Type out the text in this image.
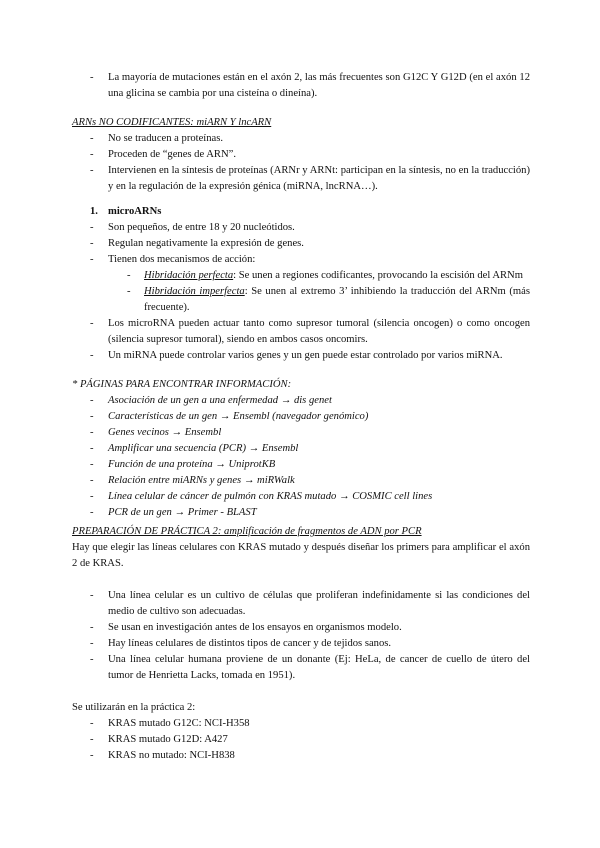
- La mayoría de mutaciones están en el axón 2, las más frecuentes son G12C Y G12D (en el axón 12 una glicina se cambia por una cisteína o dineína).
ARNs NO CODIFICANTES: miARN Y lncARN
- No se traducen a proteínas.
- Proceden de “genes de ARN”.
- Intervienen en la síntesis de proteínas (ARNr y ARNt: participan en la síntesis, no en la traducción) y en la regulación de la expresión génica (miRNA, lncRNA…).
1. microARNs
- Son pequeños, de entre 18 y 20 nucleótidos.
- Regulan negativamente la expresión de genes.
- Tienen dos mecanismos de acción:
- Hibridación perfecta: Se unen a regiones codificantes, provocando la escisión del ARNm
- Hibridación imperfecta: Se unen al extremo 3’ inhibiendo la traducción del ARNm (más frecuente).
- Los microRNA pueden actuar tanto como supresor tumoral (silencia oncogen) o como oncogen (silencia supresor tumoral), siendo en ambos casos oncomirs.
- Un miRNA puede controlar varios genes y un gen puede estar controlado por varios miRNA.
* PÁGINAS PARA ENCONTRAR INFORMACIÓN:
- Asociación de un gen a una enfermedad → dis genet
- Características de un gen → Ensembl (navegador genómico)
- Genes vecinos → Ensembl
- Amplificar una secuencia (PCR) → Ensembl
- Función de una proteína → UniprotKB
- Relación entre miARNs y genes → miRWalk
- Línea celular de cáncer de pulmón con KRAS mutado → COSMIC cell lines
- PCR de un gen → Primer - BLAST
PREPARACIÓN DE PRÁCTICA 2: amplificación de fragmentos de ADN por PCR
Hay que elegir las líneas celulares con KRAS mutado y después diseñar los primers para amplificar el axón 2 de KRAS.
- Una línea celular es un cultivo de células que proliferan indefinidamente si las condiciones del medio de cultivo son adecuadas.
- Se usan en investigación antes de los ensayos en organismos modelo.
- Hay líneas celulares de distintos tipos de cancer y de tejidos sanos.
- Una línea celular humana proviene de un donante (Ej: HeLa, de cancer de cuello de útero del tumor de Henrietta Lacks, tomada en 1951).
Se utilizarán en la práctica 2:
- KRAS mutado G12C: NCI-H358
- KRAS mutado G12D: A427
- KRAS no mutado: NCI-H838
